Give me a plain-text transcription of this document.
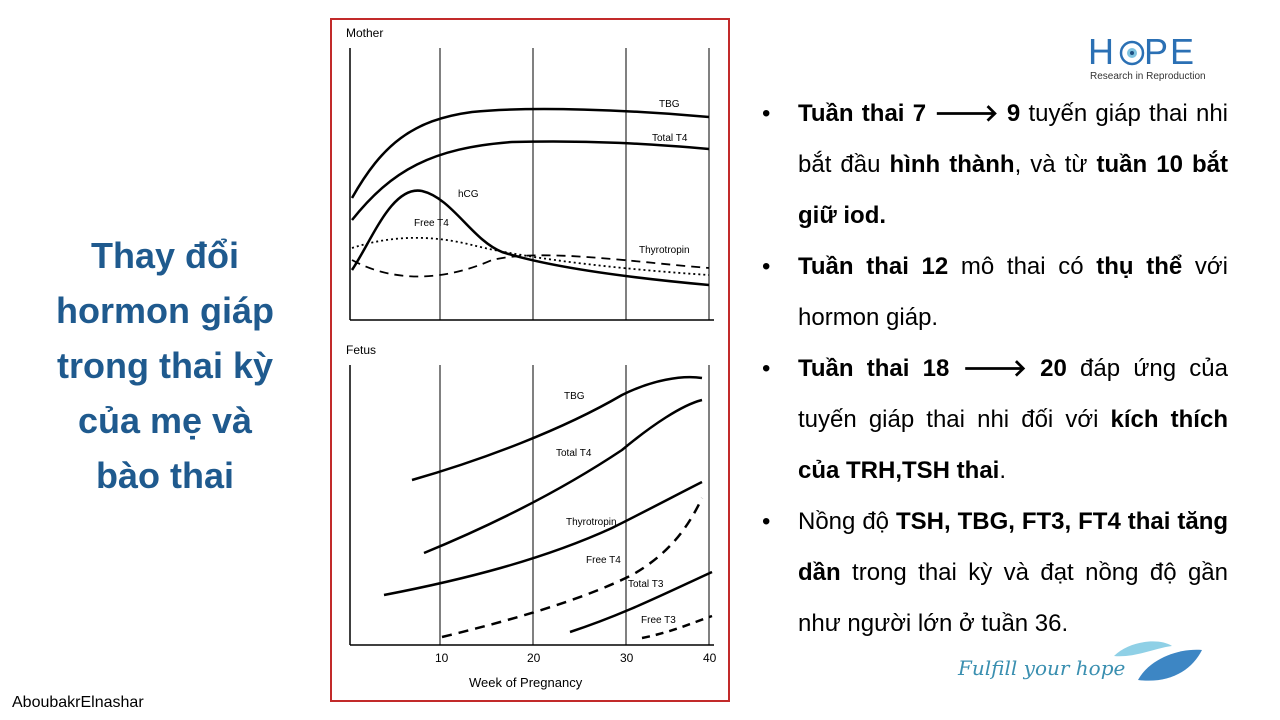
Thay đổi
hormon giáp
trong thai kỳ
của mẹ và
bào thai
AboubakrElnashar
Mother
TBG
Total T4
hCG
Free T4
Thyrotropin
Fetus
TBG
Total T4
Thyrotropin
Free T4
Total T3
Free T3
10	20	30	40
Week of Pregnancy
H PE
Research in Reproduction
• Tuần thai 7 🡒 9 tuyến giáp thai nhi bắt đầu hình thành, và từ tuần 10 bắt giữ iod.
• Tuần thai 12 mô thai có thụ thể với hormon giáp.
• Tuần thai 18 🡒 20 đáp ứng của tuyến giáp thai nhi đối với kích thích của TRH,TSH thai.
• Nồng độ TSH, TBG, FT3, FT4 thai tăng dần trong thai kỳ và đạt nồng độ gần như người lớn ở tuần 36.
Fulfill your hope
